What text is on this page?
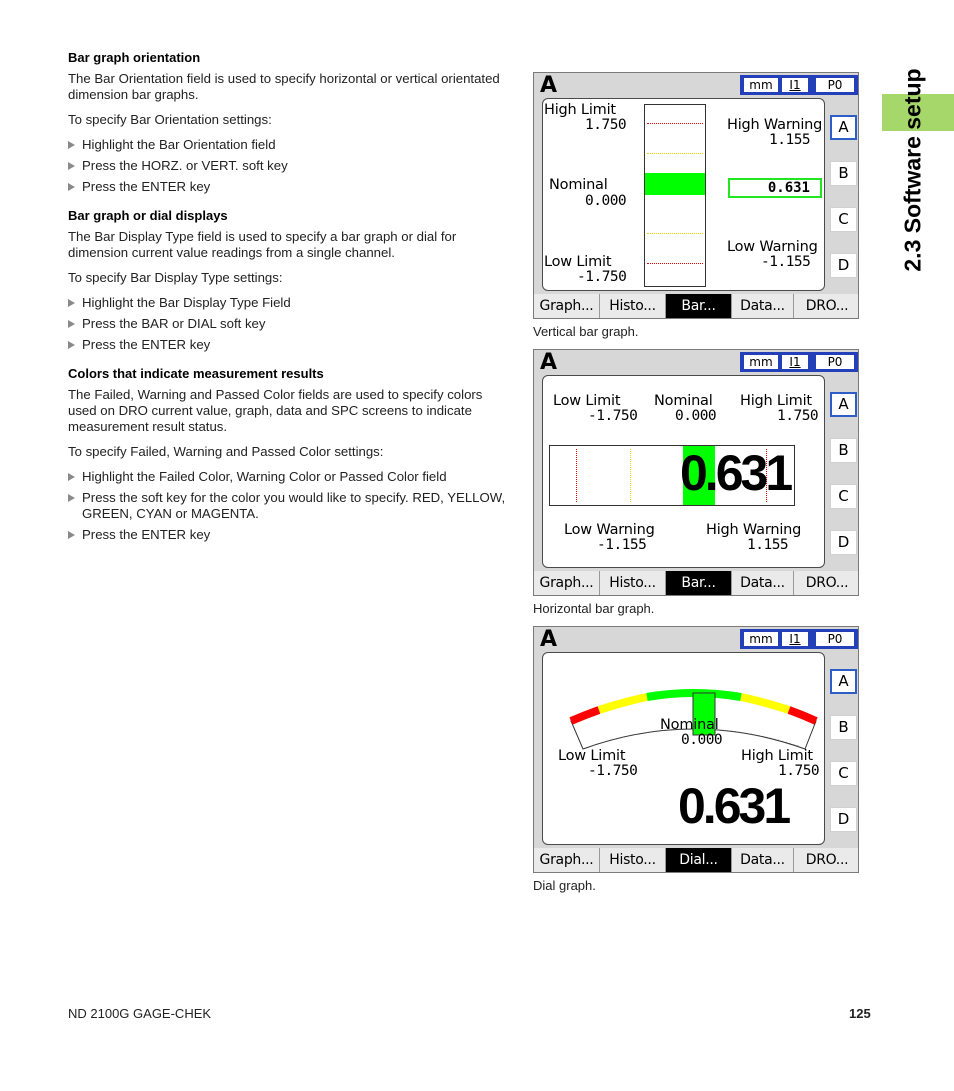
Bar graph orientation
The Bar Orientation field is used to specify horizontal or vertical orientated dimension bar graphs.
To specify Bar Orientation settings:
Highlight the Bar Orientation field
Press the HORZ. or VERT. soft key
Press the ENTER key
Bar graph or dial displays
The Bar Display Type field is used to specify a bar graph or dial for dimension current value readings from a single channel.
To specify Bar Display Type settings:
Highlight the Bar Display Type Field
Press the BAR or DIAL soft key
Press the ENTER key
Colors that indicate measurement results
The Failed, Warning and Passed Color fields are used to specify colors used on DRO current value, graph, data and SPC screens to indicate measurement result status.
To specify Failed, Warning and Passed Color settings:
Highlight the Failed Color, Warning Color or Passed Color field
Press the soft key for the color you would like to specify. RED, YELLOW, GREEN, CYAN or MAGENTA.
Press the ENTER key
2.3 Software setup
A	mm	I1	P0
High Limit
1.750
Nominal
0.000
Low Limit
-1.750
High Warning
1.155
Low Warning
-1.155
0.631
A
B
C
D
Graph...	Histo...	Bar...	Data...	DRO...
Vertical bar graph.
A	mm	I1	P0
Low Limit
-1.750
Nominal
0.000
High Limit
1.750
0.631
Low Warning
-1.155
High Warning
1.155
A
B
C
D
Graph...	Histo...	Bar...	Data...	DRO...
Horizontal bar graph.
A	mm	I1	P0
Nominal
0.000
Low Limit
-1.750
High Limit
1.750
0.631
A
B
C
D
Graph...	Histo...	Dial...	Data...	DRO...
Dial graph.
ND 2100G GAGE-CHEK	125
